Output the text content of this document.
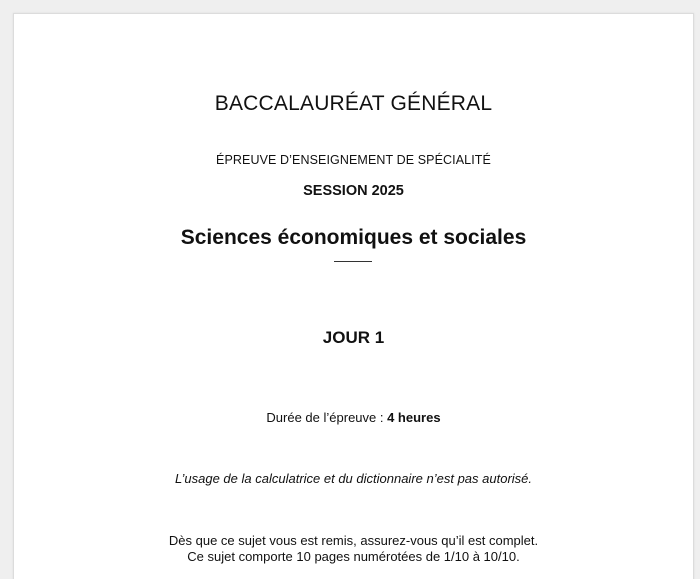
BACCALAURÉAT GÉNÉRAL
ÉPREUVE D’ENSEIGNEMENT DE SPÉCIALITÉ
SESSION 2025
Sciences économiques et sociales
JOUR 1
Durée de l’épreuve : 4 heures
L’usage de la calculatrice et du dictionnaire n’est pas autorisé.
Dès que ce sujet vous est remis, assurez-vous qu’il est complet.
Ce sujet comporte 10 pages numérotées de 1/10 à 10/10.
